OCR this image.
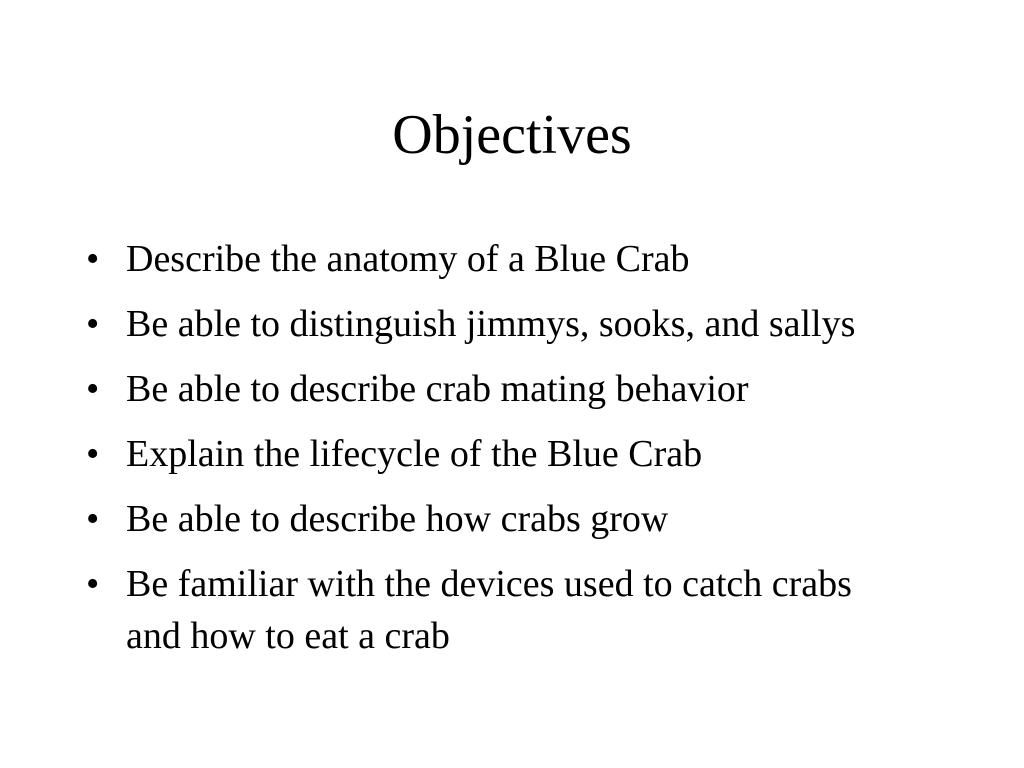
Objectives
• Describe the anatomy of a Blue Crab
• Be able to distinguish jimmys, sooks, and sallys
• Be able to describe crab mating behavior
• Explain the lifecycle of the Blue Crab
• Be able to describe how crabs grow
• Be familiar with the devices used to catch crabs and how to eat a crab
